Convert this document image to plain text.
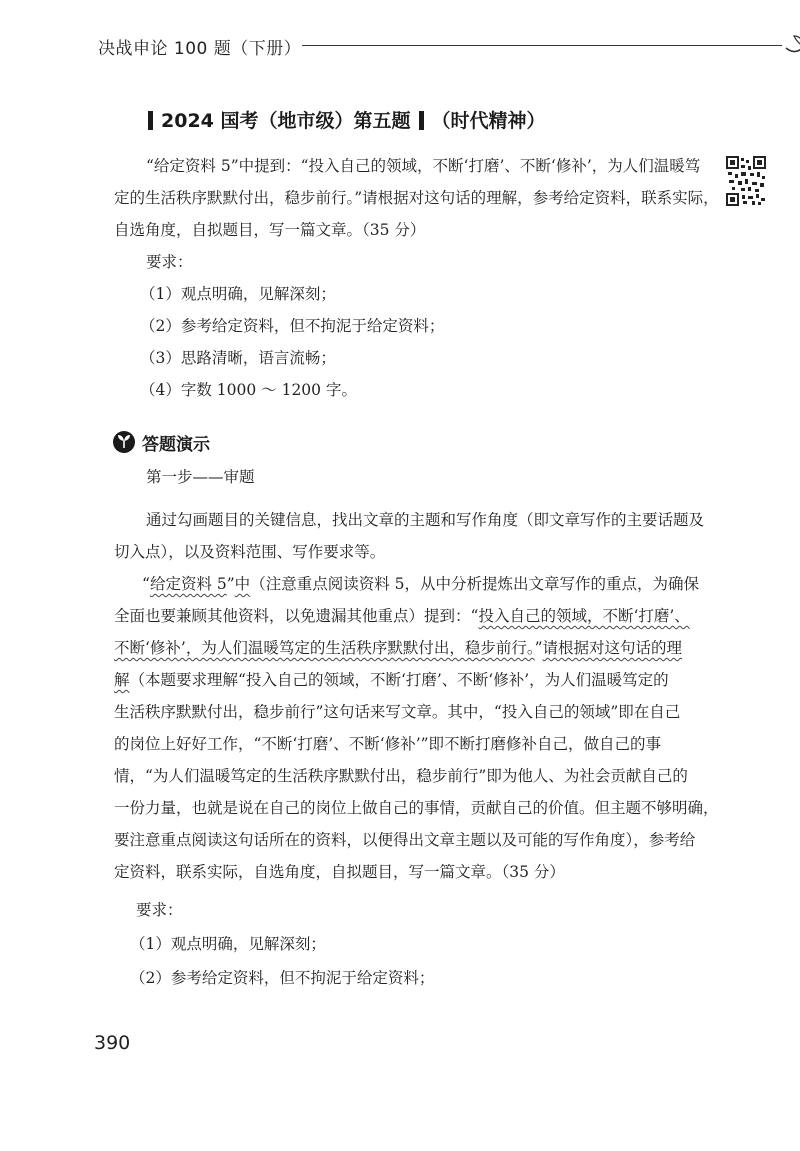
决战申论 100 题（下册）
2024 国考（地市级）第五题 （时代精神）
“给定资料 5”中提到：“投入自己的领域，不断‘打磨’、不断‘修补’，为人们温暖笃
定的生活秩序默默付出，稳步前行。”请根据对这句话的理解，参考给定资料，联系实际，
自选角度，自拟题目，写一篇文章。（35 分）
要求：
（1）观点明确，见解深刻；
（2）参考给定资料，但不拘泥于给定资料；
（3）思路清晰，语言流畅；
（4）字数 1000 ～ 1200 字。
答题演示
第一步——审题
通过勾画题目的关键信息，找出文章的主题和写作角度（即文章写作的主要话题及
切入点），以及资料范围、写作要求等。
“给定资料 5”中（注意重点阅读资料 5，从中分析提炼出文章写作的重点，为确保
全面也要兼顾其他资料，以免遗漏其他重点）提到：“投入自己的领域，不断‘打磨’、
不断‘修补’，为人们温暖笃定的生活秩序默默付出，稳步前行。”请根据对这句话的理
解（本题要求理解“投入自己的领域，不断‘打磨’、不断‘修补’，为人们温暖笃定的
生活秩序默默付出，稳步前行”这句话来写文章。其中，“投入自己的领域”即在自己
的岗位上好好工作，“不断‘打磨’、不断‘修补’”即不断打磨修补自己，做自己的事
情，“为人们温暖笃定的生活秩序默默付出，稳步前行”即为他人、为社会贡献自己的
一份力量，也就是说在自己的岗位上做自己的事情，贡献自己的价值。但主题不够明确，
要注意重点阅读这句话所在的资料，以便得出文章主题以及可能的写作角度），参考给
定资料，联系实际，自选角度，自拟题目，写一篇文章。（35 分）
要求：
（1）观点明确，见解深刻；
（2）参考给定资料，但不拘泥于给定资料；
390
